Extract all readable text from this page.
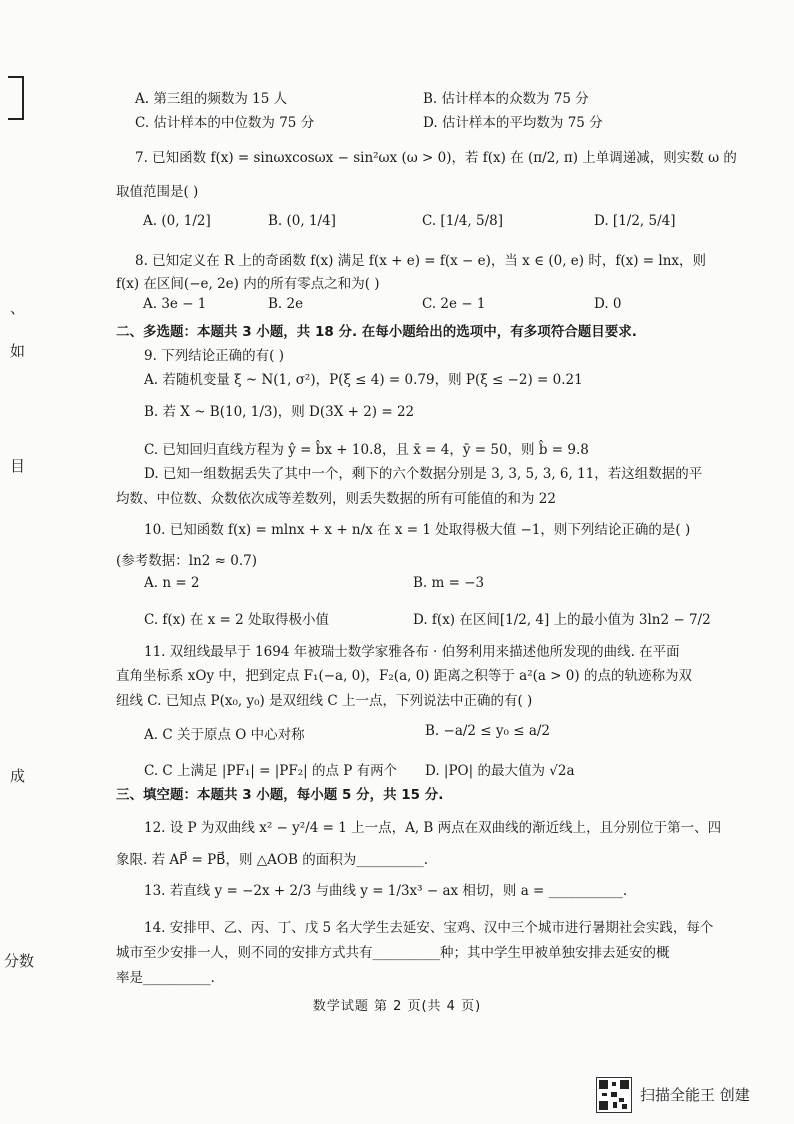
、
如
目
成
分数
A. 第三组的频数为 15 人	B. 估计样本的众数为 75 分
C. 估计样本的中位数为 75 分	D. 估计样本的平均数为 75 分
7. 已知函数 f(x) = sinωxcosωx − sin²ωx (ω > 0)，若 f(x) 在 (π/2, π) 上单调递减，则实数 ω 的
取值范围是( )
A. (0, 1/2]	B. (0, 1/4]	C. [1/4, 5/8]	D. [1/2, 5/4]
8. 已知定义在 R 上的奇函数 f(x) 满足 f(x + e) = f(x − e)，当 x ∈ (0, e) 时，f(x) = lnx，则
f(x) 在区间(−e, 2e) 内的所有零点之和为( )
A. 3e − 1	B. 2e	C. 2e − 1	D. 0
二、多选题：本题共 3 小题，共 18 分. 在每小题给出的选项中，有多项符合题目要求.
9. 下列结论正确的有( )
A. 若随机变量 ξ ~ N(1, σ²)，P(ξ ≤ 4) = 0.79，则 P(ξ ≤ −2) = 0.21
B. 若 X ~ B(10, 1/3)，则 D(3X + 2) = 22
C. 已知回归直线方程为 ŷ = b̂x + 10.8，且 x̄ = 4，ȳ = 50，则 b̂ = 9.8
D. 已知一组数据丢失了其中一个，剩下的六个数据分别是 3, 3, 5, 3, 6, 11，若这组数据的平
均数、中位数、众数依次成等差数列，则丢失数据的所有可能值的和为 22
10. 已知函数 f(x) = mlnx + x + n/x 在 x = 1 处取得极大值 −1，则下列结论正确的是( )
(参考数据：ln2 ≈ 0.7)
A. n = 2	B. m = −3
C. f(x) 在 x = 2 处取得极小值	D. f(x) 在区间[1/2, 4] 上的最小值为 3ln2 − 7/2
11. 双纽线最早于 1694 年被瑞士数学家雅各布 · 伯努利用来描述他所发现的曲线. 在平面
直角坐标系 xOy 中，把到定点 F₁(−a, 0)，F₂(a, 0) 距离之积等于 a²(a > 0) 的点的轨迹称为双
纽线 C. 已知点 P(x₀, y₀) 是双纽线 C 上一点，下列说法中正确的有( )
A. C 关于原点 O 中心对称	B. −a/2 ≤ y₀ ≤ a/2
C. C 上满足 |PF₁| = |PF₂| 的点 P 有两个 D. |PO| 的最大值为 √2a
三、填空题：本题共 3 小题，每小题 5 分，共 15 分.
12. 设 P 为双曲线 x² − y²/4 = 1 上一点，A, B 两点在双曲线的渐近线上，且分别位于第一、四
象限. 若 AP⃗ = PB⃗，则 △AOB 的面积为__________.
13. 若直线 y = −2x + 2/3 与曲线 y = 1/3x³ − ax 相切，则 a = ___________.
14. 安排甲、乙、丙、丁、戊 5 名大学生去延安、宝鸡、汉中三个城市进行暑期社会实践，每个
城市至少安排一人，则不同的安排方式共有__________种；其中学生甲被单独安排去延安的概
率是__________.
数学试题 第 2 页(共 4 页)
扫描全能王 创建
